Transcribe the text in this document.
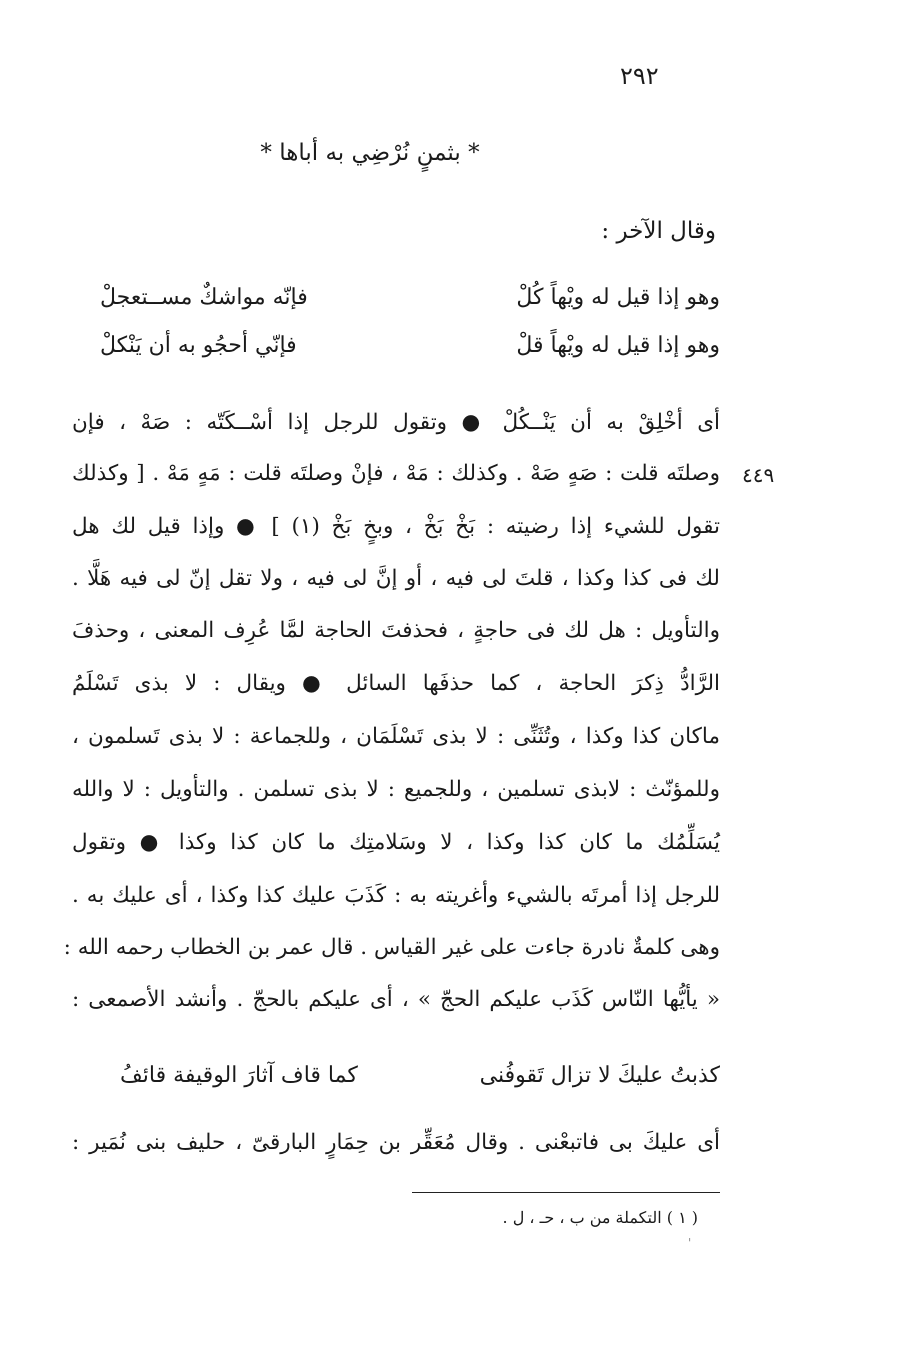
٢٩٢
* بثمنٍ نُرْضِي به أباها *
وقال الآخر :
وهو إذا قيل له ويْهاً كُلْ
فإنّه مواشكٌ مســتعجلْ
وهو إذا قيل له ويْهاً قلْ
فإنّي أحجُو به أن يَنْكلْ
٤٤٩
أى أخْلِقْ به أن يَنْــكُلْ ● وتقول للرجل إذا أسْــكَتّه : صَهْ ، فإن
وصلتَه قلت : صَهٍ صَهْ . وكذلك : مَهْ ، فإنْ وصلتَه قلت : مَهٍ مَهْ . [ وكذلك
تقول للشيء إذا رضيته : بَخْ بَخْ ، وبخٍ بَخْ (١) ] ● وإذا قيل لك هل
لك فى كذا وكذا ، قلتَ لى فيه ، أو إنَّ لى فيه ، ولا تقل إنّ لى فيه هَلَّا .
والتأويل : هل لك فى حاجةٍ ، فحذفتَ الحاجة لمَّا عُرِف المعنى ، وحذفَ
الرَّادُّ ذِكرَ الحاجة ، كما حذفَها السائل ● ويقال : لا بذى تَسْلَمُ
ماكان كذا وكذا ، وتُثَنِّى : لا بذى تَسْلَمَان ، وللجماعة : لا بذى تَسلمون ،
وللمؤنّث : لابذى تسلمين ، وللجميع : لا بذى تسلمن . والتأويل : لا والله
يُسَلِّمُك ما كان كذا وكذا ، لا وسَلامتِك ما كان كذا وكذا ● وتقول
للرجل إذا أمرتَه بالشيء وأغريته به : كَذَبَ عليك كذا وكذا ، أى عليك به .
وهى كلمةٌ نادرة جاءت على غير القياس . قال عمر بن الخطاب رحمه الله :
« يأيُّها النّاس كَذَب عليكم الحجّ » ، أى عليكم بالحجّ . وأنشد الأصمعى :
كذبتُ عليكَ لا تزال تَقوفُنى
كما قاف آثارَ الوقيفة قائفُ
أى عليكَ بى فاتبعْنى . وقال مُعَقِّر بن حِمَارٍ البارقىّ ، حليف بنى نُمَير :
( ١ ) التكملة من ب ، حـ ، ل .
'
